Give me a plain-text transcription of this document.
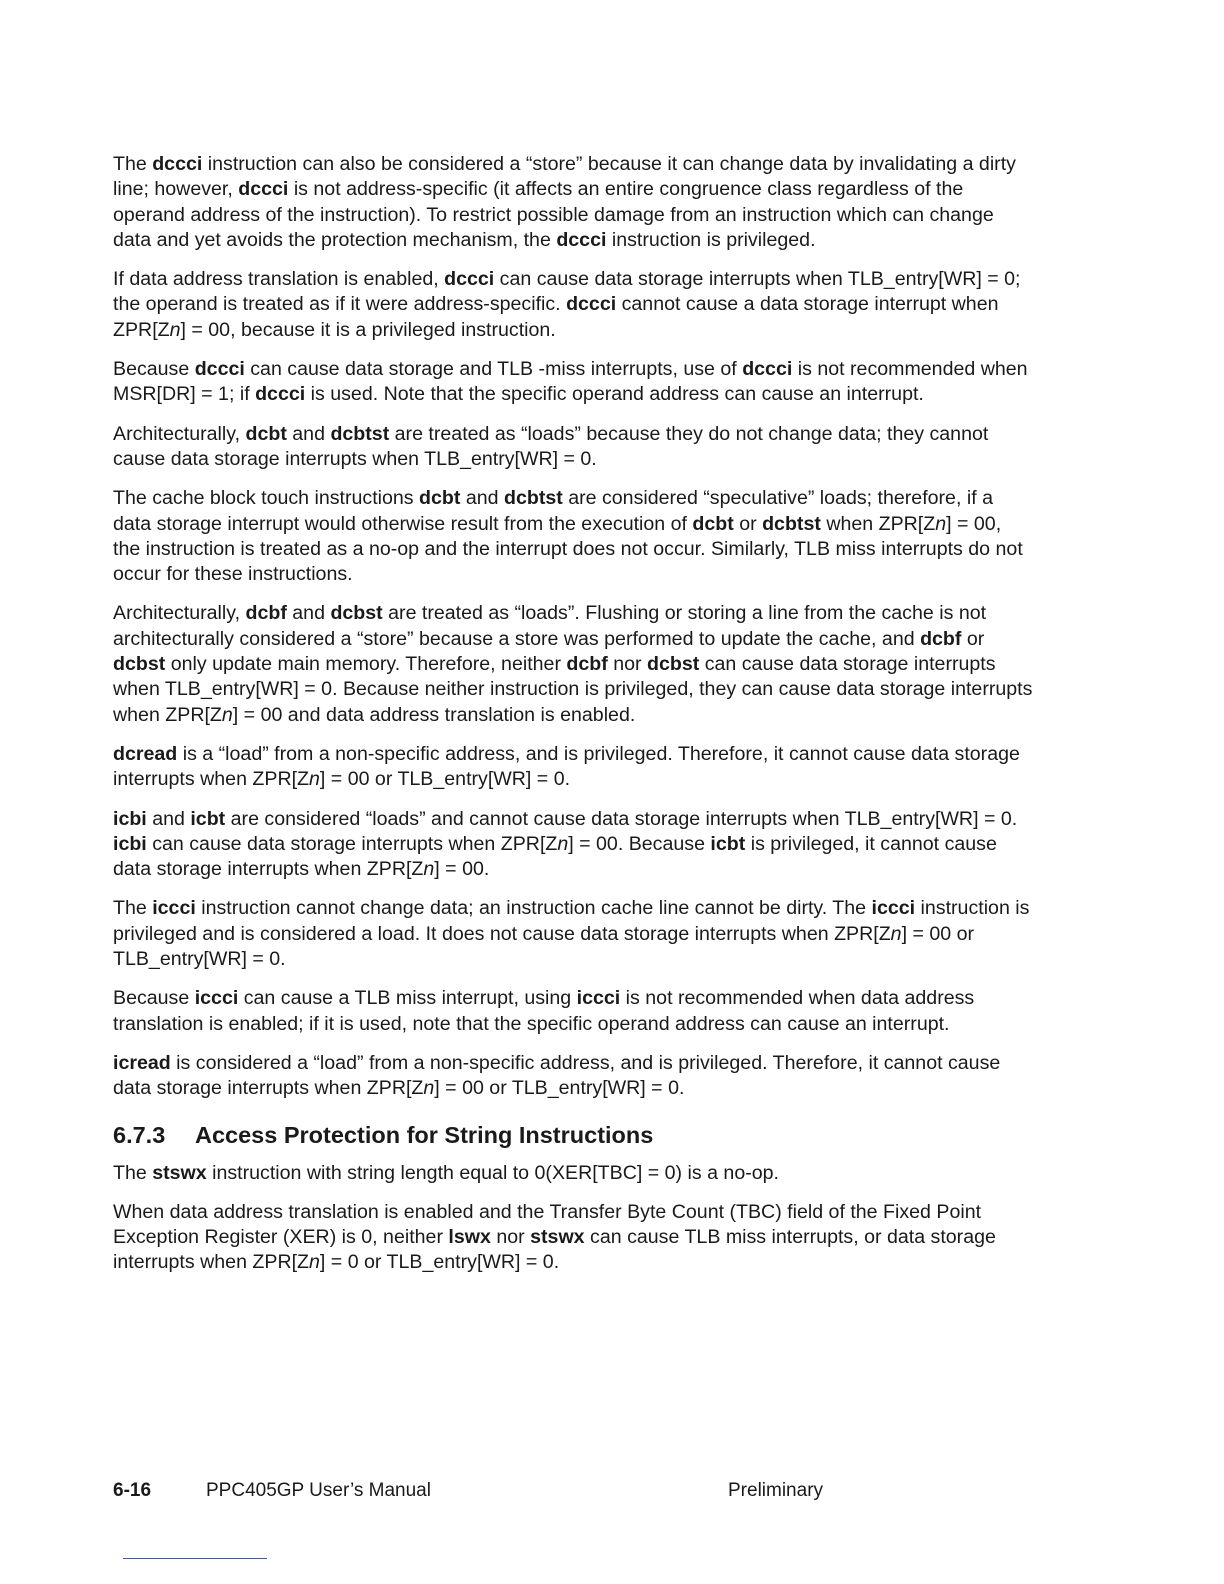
The dccci instruction can also be considered a “store” because it can change data by invalidating a dirty line; however, dccci is not address-specific (it affects an entire congruence class regardless of the operand address of the instruction). To restrict possible damage from an instruction which can change data and yet avoids the protection mechanism, the dccci instruction is privileged.

If data address translation is enabled, dccci can cause data storage interrupts when TLB_entry[WR] = 0; the operand is treated as if it were address-specific. dccci cannot cause a data storage interrupt when ZPR[Zn] = 00, because it is a privileged instruction.

Because dccci can cause data storage and TLB -miss interrupts, use of dccci is not recommended when MSR[DR] = 1; if dccci is used. Note that the specific operand address can cause an interrupt.

Architecturally, dcbt and dcbtst are treated as “loads” because they do not change data; they cannot cause data storage interrupts when TLB_entry[WR] = 0.

The cache block touch instructions dcbt and dcbtst are considered “speculative” loads; therefore, if a data storage interrupt would otherwise result from the execution of dcbt or dcbtst when ZPR[Zn] = 00, the instruction is treated as a no-op and the interrupt does not occur. Similarly, TLB miss interrupts do not occur for these instructions.

Architecturally, dcbf and dcbst are treated as “loads”. Flushing or storing a line from the cache is not architecturally considered a “store” because a store was performed to update the cache, and dcbf or dcbst only update main memory. Therefore, neither dcbf nor dcbst can cause data storage interrupts when TLB_entry[WR] = 0. Because neither instruction is privileged, they can cause data storage interrupts when ZPR[Zn] = 00 and data address translation is enabled.

dcread is a “load” from a non-specific address, and is privileged. Therefore, it cannot cause data storage interrupts when ZPR[Zn] = 00 or TLB_entry[WR] = 0.

icbi and icbt are considered “loads” and cannot cause data storage interrupts when TLB_entry[WR] = 0. icbi can cause data storage interrupts when ZPR[Zn] = 00. Because icbt is privileged, it cannot cause data storage interrupts when ZPR[Zn] = 00.

The iccci instruction cannot change data; an instruction cache line cannot be dirty. The iccci instruction is privileged and is considered a load. It does not cause data storage interrupts when ZPR[Zn] = 00 or TLB_entry[WR] = 0.

Because iccci can cause a TLB miss interrupt, using iccci is not recommended when data address translation is enabled; if it is used, note that the specific operand address can cause an interrupt.

icread is considered a “load” from a non-specific address, and is privileged. Therefore, it cannot cause data storage interrupts when ZPR[Zn] = 00 or TLB_entry[WR] = 0.

6.7.3 Access Protection for String Instructions

The stswx instruction with string length equal to 0(XER[TBC] = 0) is a no-op.

When data address translation is enabled and the Transfer Byte Count (TBC) field of the Fixed Point Exception Register (XER) is 0, neither lswx nor stswx can cause TLB miss interrupts, or data storage interrupts when ZPR[Zn] = 0 or TLB_entry[WR] = 0.

6-16	PPC405GP User’s Manual	Preliminary
